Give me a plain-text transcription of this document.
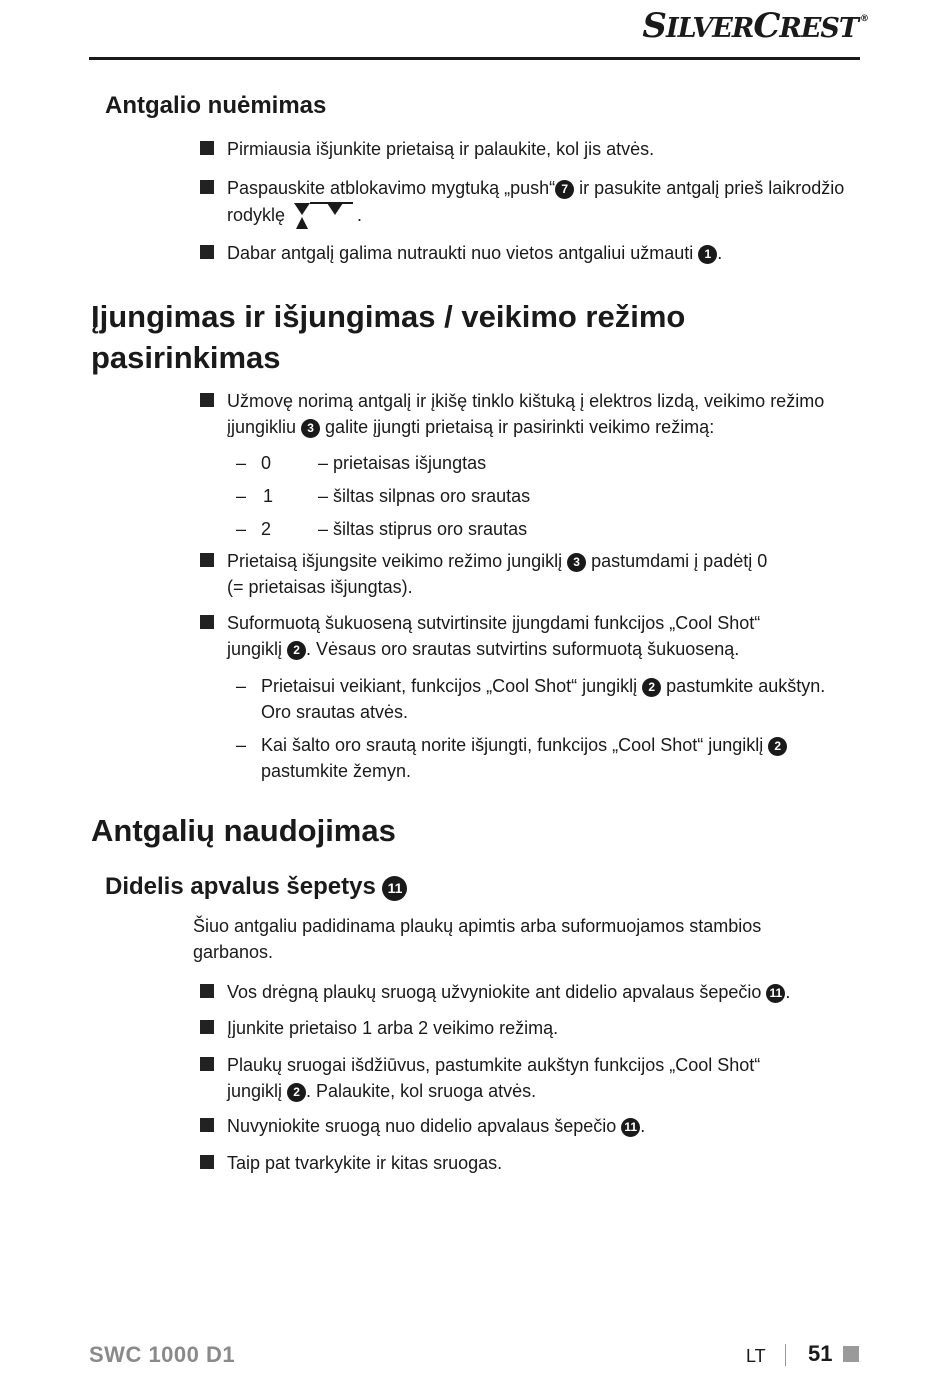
SILVERCREST ®
Antgalio nuėmimas
Pirmiausia išjunkite prietaisą ir palaukite, kol jis atvės.
Paspauskite atblokavimo mygtuką „push“ 7 ir pasukite antgalį prieš laikrodžio
rodyklę	.
Dabar antgalį galima nutraukti nuo vietos antgaliui užmauti 1 .
Įjungimas ir išjungimas / veikimo režimo
pasirinkimas
Užmovę norimą antgalį ir įkišę tinklo kištuką į elektros lizdą, veikimo režimo
įjungikliu 3 galite įjungti prietaisą ir pasirinkti veikimo režimą:
– 0	– prietaisas išjungtas
– 1 – šiltas silpnas oro srautas
– 2	– šiltas stiprus oro srautas
Prietaisą išjungsite veikimo režimo jungiklį 3 pastumdami į padėtį 0
(= prietaisas išjungtas).
Suformuotą šukuoseną sutvirtinsite įjungdami funkcijos „Cool Shot“
jungiklį 2 . Vėsaus oro srautas sutvirtins suformuotą šukuoseną.
– Prietaisui veikiant, funkcijos „Cool Shot“ jungiklį 2 pastumkite aukštyn.
Oro srautas atvės.
– Kai šalto oro srautą norite išjungti, funkcijos „Cool Shot“ jungiklį 2
pastumkite žemyn.
Antgalių naudojimas
Didelis apvalus šepetys 11
Šiuo antgaliu padidinama plaukų apimtis arba suformuojamos stambios
garbanos.
Vos drėgną plaukų sruogą užvyniokite ant didelio apvalaus šepečio 11 .
Įjunkite prietaiso 1 arba 2 veikimo režimą.
Plaukų sruogai išdžiūvus, pastumkite aukštyn funkcijos „Cool Shot“
jungiklį 2 . Palaukite, kol sruoga atvės.
Nuvyniokite sruogą nuo didelio apvalaus šepečio 11 .
Taip pat tvarkykite ir kitas sruogas.
SWC 1000 D1	LT 51
